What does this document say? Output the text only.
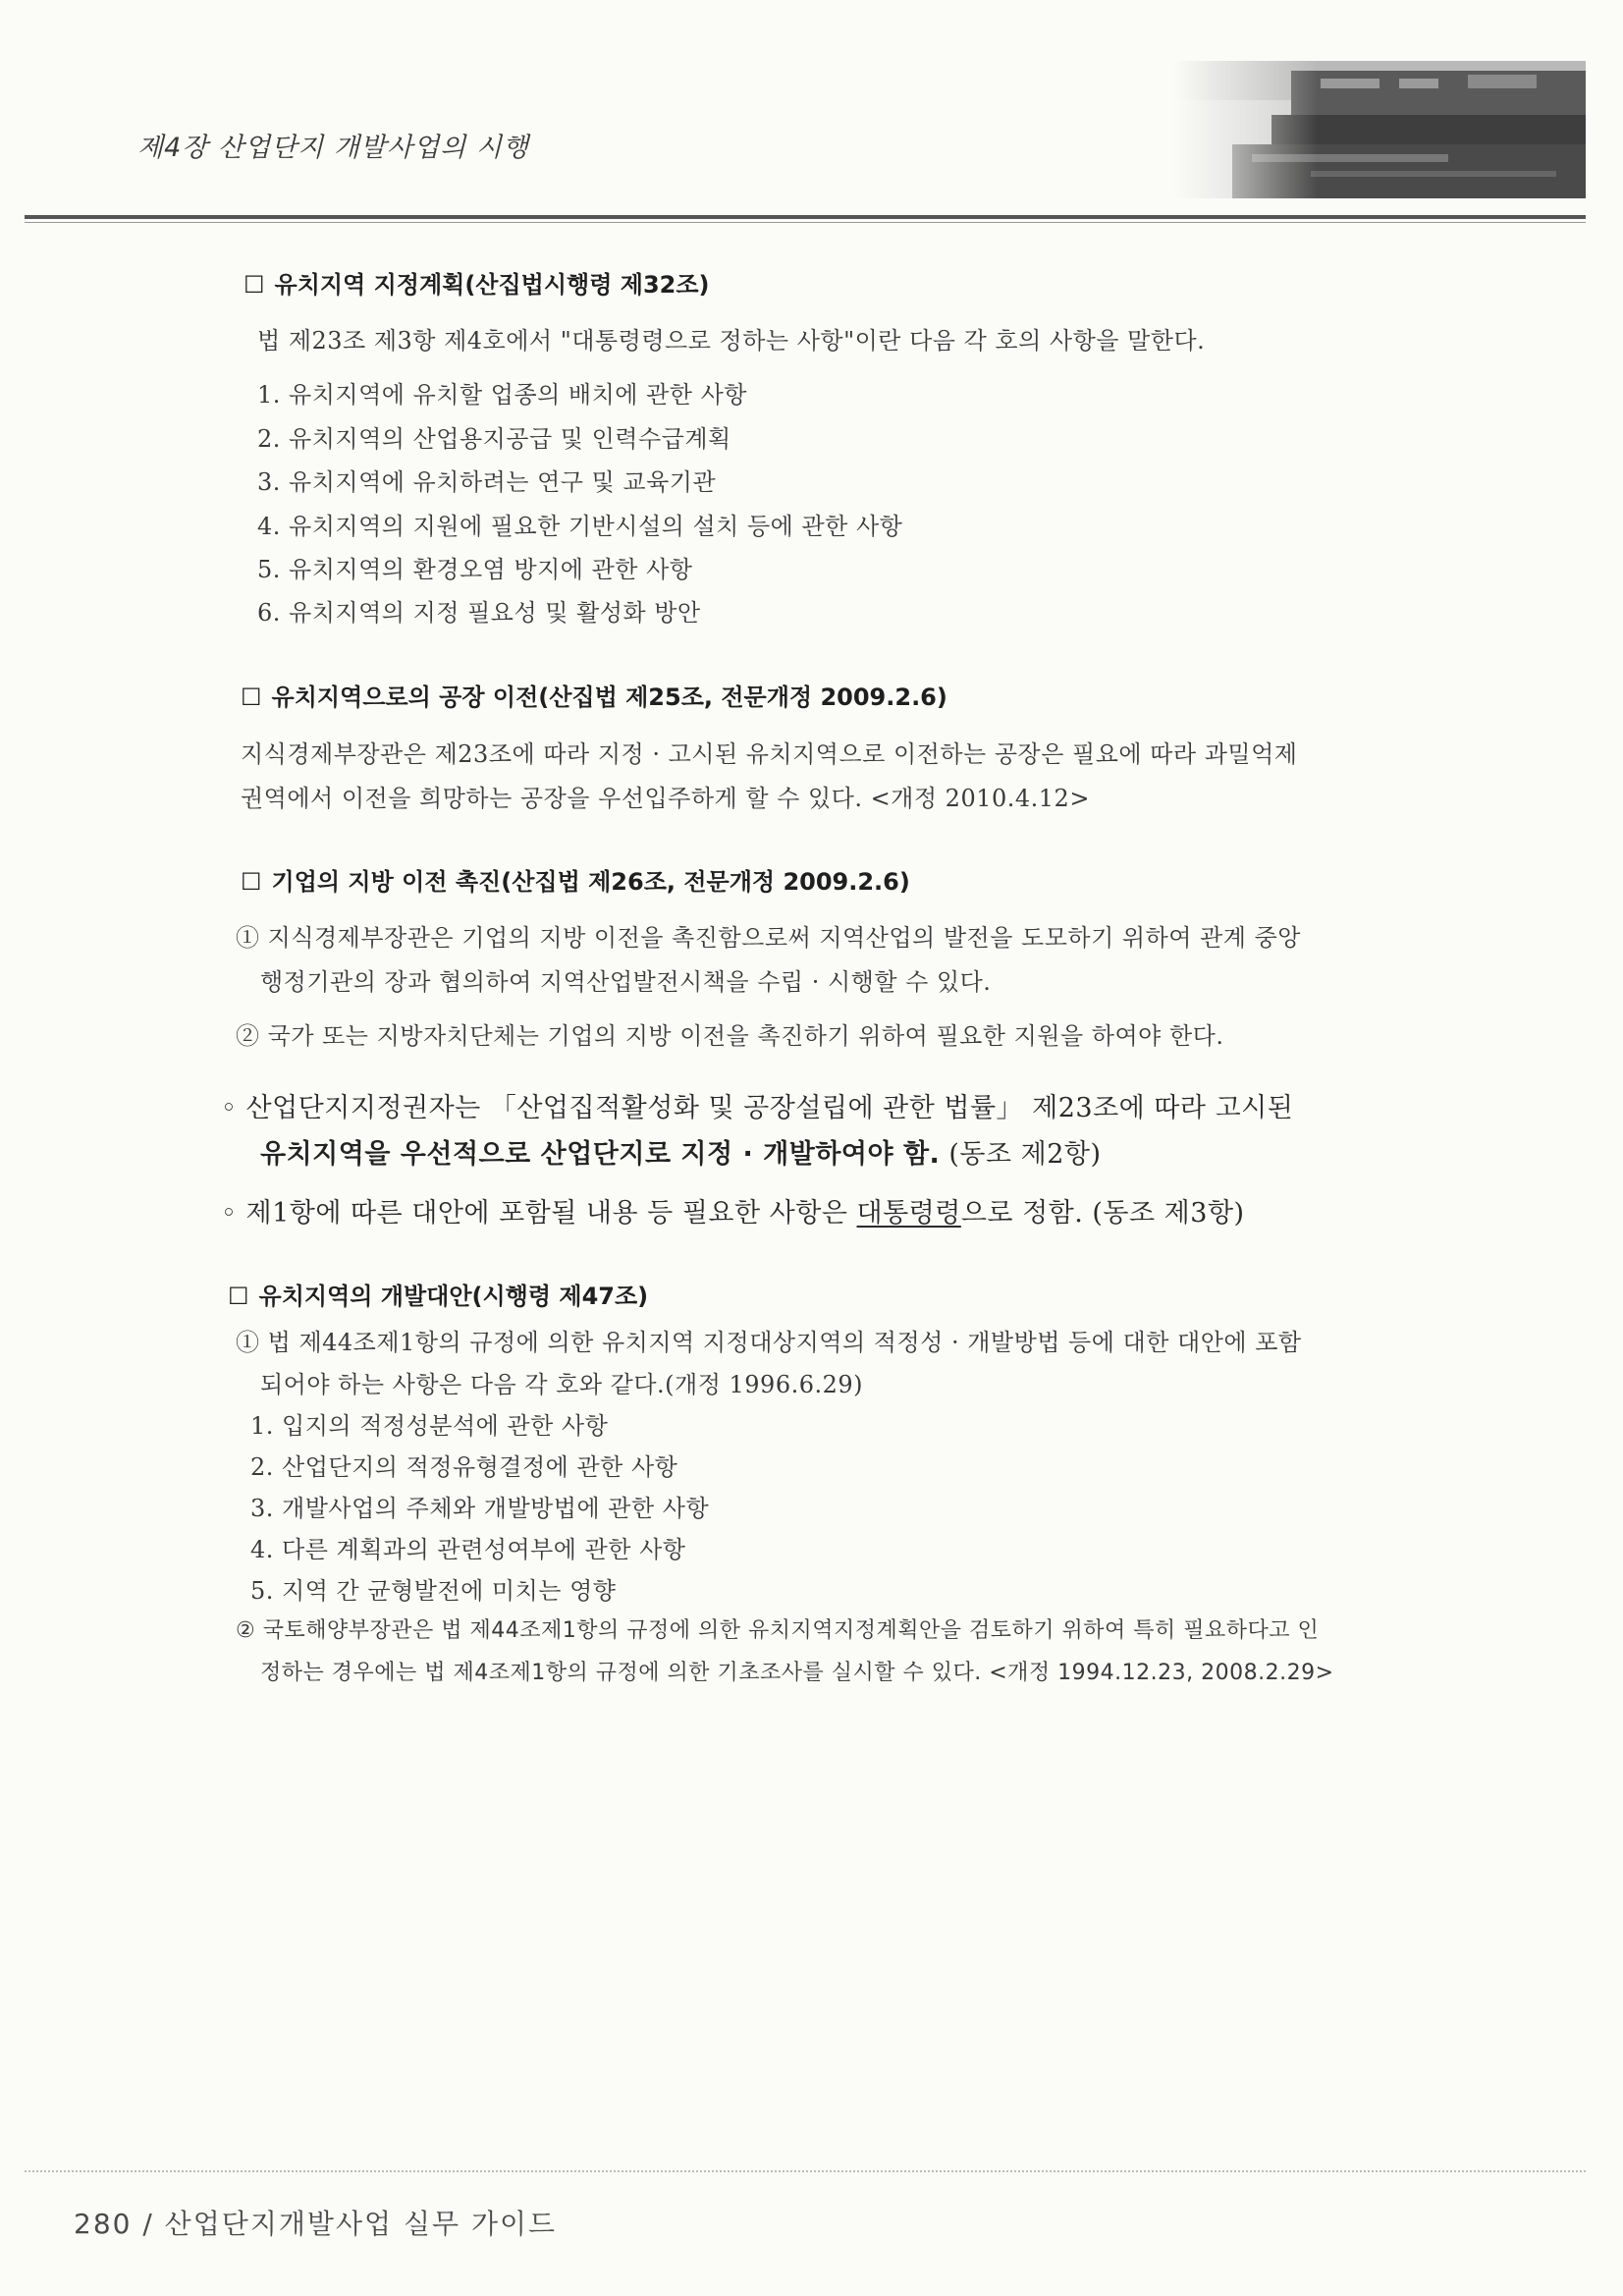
제4장 산업단지 개발사업의 시행
☐ 유치지역 지정계획(산집법시행령 제32조)
법 제23조 제3항 제4호에서 "대통령령으로 정하는 사항"이란 다음 각 호의 사항을 말한다.
1. 유치지역에 유치할 업종의 배치에 관한 사항
2. 유치지역의 산업용지공급 및 인력수급계획
3. 유치지역에 유치하려는 연구 및 교육기관
4. 유치지역의 지원에 필요한 기반시설의 설치 등에 관한 사항
5. 유치지역의 환경오염 방지에 관한 사항
6. 유치지역의 지정 필요성 및 활성화 방안
☐ 유치지역으로의 공장 이전(산집법 제25조, 전문개정 2009.2.6)
지식경제부장관은 제23조에 따라 지정 · 고시된 유치지역으로 이전하는 공장은 필요에 따라 과밀억제
권역에서 이전을 희망하는 공장을 우선입주하게 할 수 있다. <개정 2010.4.12>
☐ 기업의 지방 이전 촉진(산집법 제26조, 전문개정 2009.2.6)
① 지식경제부장관은 기업의 지방 이전을 촉진함으로써 지역산업의 발전을 도모하기 위하여 관계 중앙
행정기관의 장과 협의하여 지역산업발전시책을 수립 · 시행할 수 있다.
② 국가 또는 지방자치단체는 기업의 지방 이전을 촉진하기 위하여 필요한 지원을 하여야 한다.
◦ 산업단지지정권자는 「산업집적활성화 및 공장설립에 관한 법률」 제23조에 따라 고시된
유치지역을 우선적으로 산업단지로 지정 · 개발하여야 함. (동조 제2항)
◦ 제1항에 따른 대안에 포함될 내용 등 필요한 사항은 대통령령으로 정함. (동조 제3항)
☐ 유치지역의 개발대안(시행령 제47조)
① 법 제44조제1항의 규정에 의한 유치지역 지정대상지역의 적정성 · 개발방법 등에 대한 대안에 포함
되어야 하는 사항은 다음 각 호와 같다.(개정 1996.6.29)
1. 입지의 적정성분석에 관한 사항
2. 산업단지의 적정유형결정에 관한 사항
3. 개발사업의 주체와 개발방법에 관한 사항
4. 다른 계획과의 관련성여부에 관한 사항
5. 지역 간 균형발전에 미치는 영향
② 국토해양부장관은 법 제44조제1항의 규정에 의한 유치지역지정계획안을 검토하기 위하여 특히 필요하다고 인
정하는 경우에는 법 제4조제1항의 규정에 의한 기초조사를 실시할 수 있다. <개정 1994.12.23, 2008.2.29>
280 / 산업단지개발사업 실무 가이드
